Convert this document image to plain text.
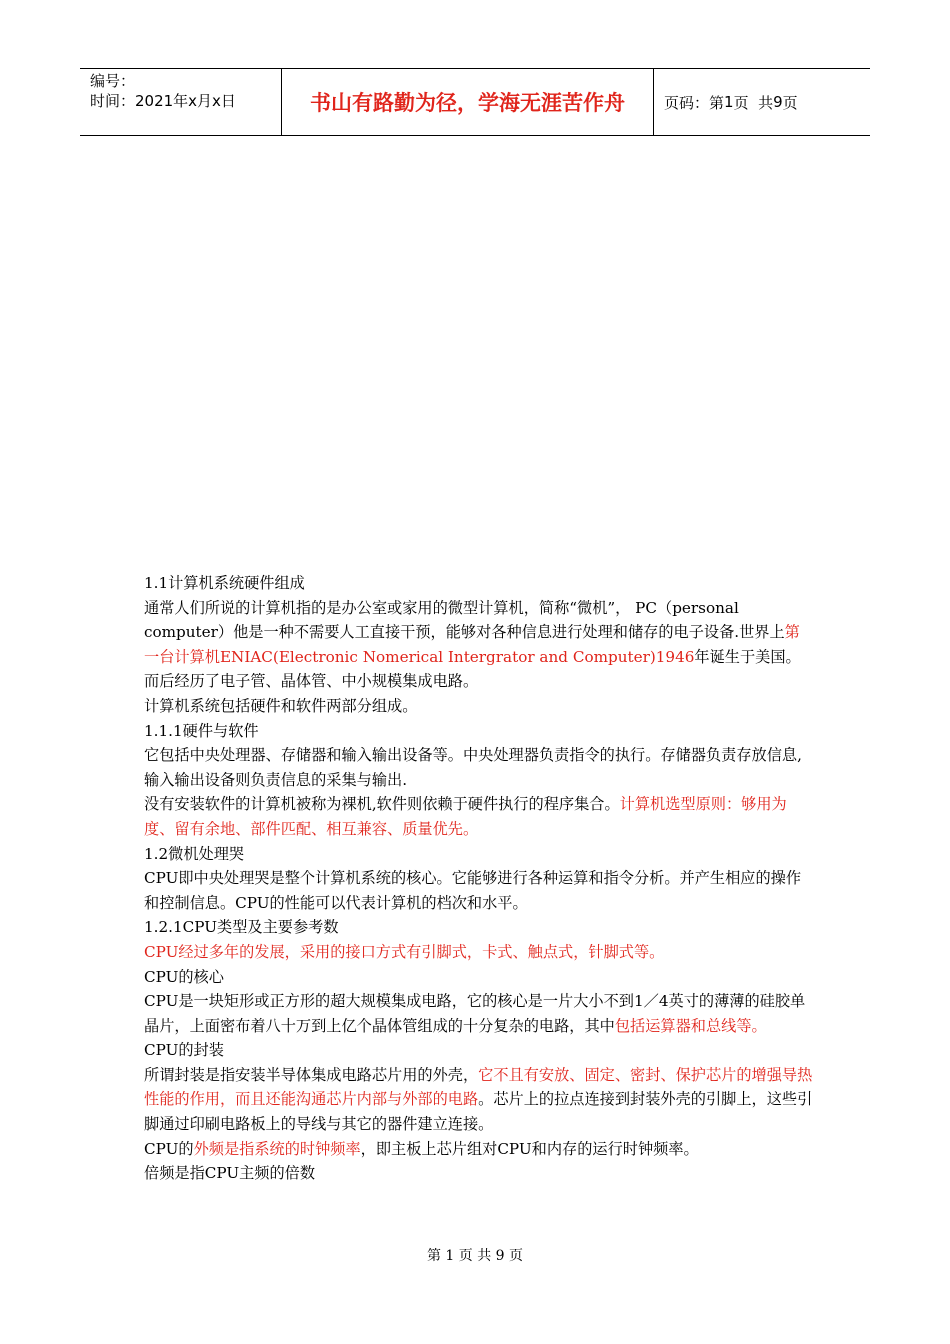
编号：
时间：2021年x月x日	书山有路勤为径，学海无涯苦作舟	页码：第 1 页  共 9 页

1.1计算机系统硬件组成

通常人们所说的计算机指的是办公室或家用的微型计算机，简称“微机”， PC（personal computer）他是一种不需要人工直接干预，能够对各种信息进行处理和储存的电子设备.世界上第一台计算机ENIAC(Electronic Nomerical Intergrator and Computer)1946年诞生于美国。而后经历了电子管、晶体管、中小规模集成电路。

计算机系统包括硬件和软件两部分组成。

1.1.1硬件与软件

它包括中央处理器、存储器和输入输出设备等。中央处理器负责指令的执行。存储器负责存放信息,输入输出设备则负责信息的采集与输出.

没有安装软件的计算机被称为裸机,软件则依赖于硬件执行的程序集合。计算机选型原则：够用为度、留有余地、部件匹配、相互兼容、质量优先。

1.2微机处理哭

CPU即中央处理哭是整个计算机系统的核心。它能够进行各种运算和指令分析。并产生相应的操作和控制信息。CPU的性能可以代表计算机的档次和水平。

1.2.1CPU类型及主要参考数

CPU经过多年的发展，采用的接口方式有引脚式，卡式、触点式，针脚式等。

CPU的核心

CPU是一块矩形或正方形的超大规模集成电路，它的核心是一片大小不到1／4英寸的薄薄的硅胶单晶片，上面密布着八十万到上亿个晶体管组成的十分复杂的电路，其中包括运算器和总线等。

CPU的封装

所谓封装是指安装半导体集成电路芯片用的外壳，它不且有安放、固定、密封、保护芯片的增强导热性能的作用，而且还能沟通芯片内部与外部的电路。芯片上的拉点连接到封装外壳的引脚上，这些引脚通过印刷电路板上的导线与其它的器件建立连接。

CPU的外频是指系统的时钟频率，即主板上芯片组对CPU和内存的运行时钟频率。

倍频是指CPU主频的倍数

第 1 页 共 9 页
